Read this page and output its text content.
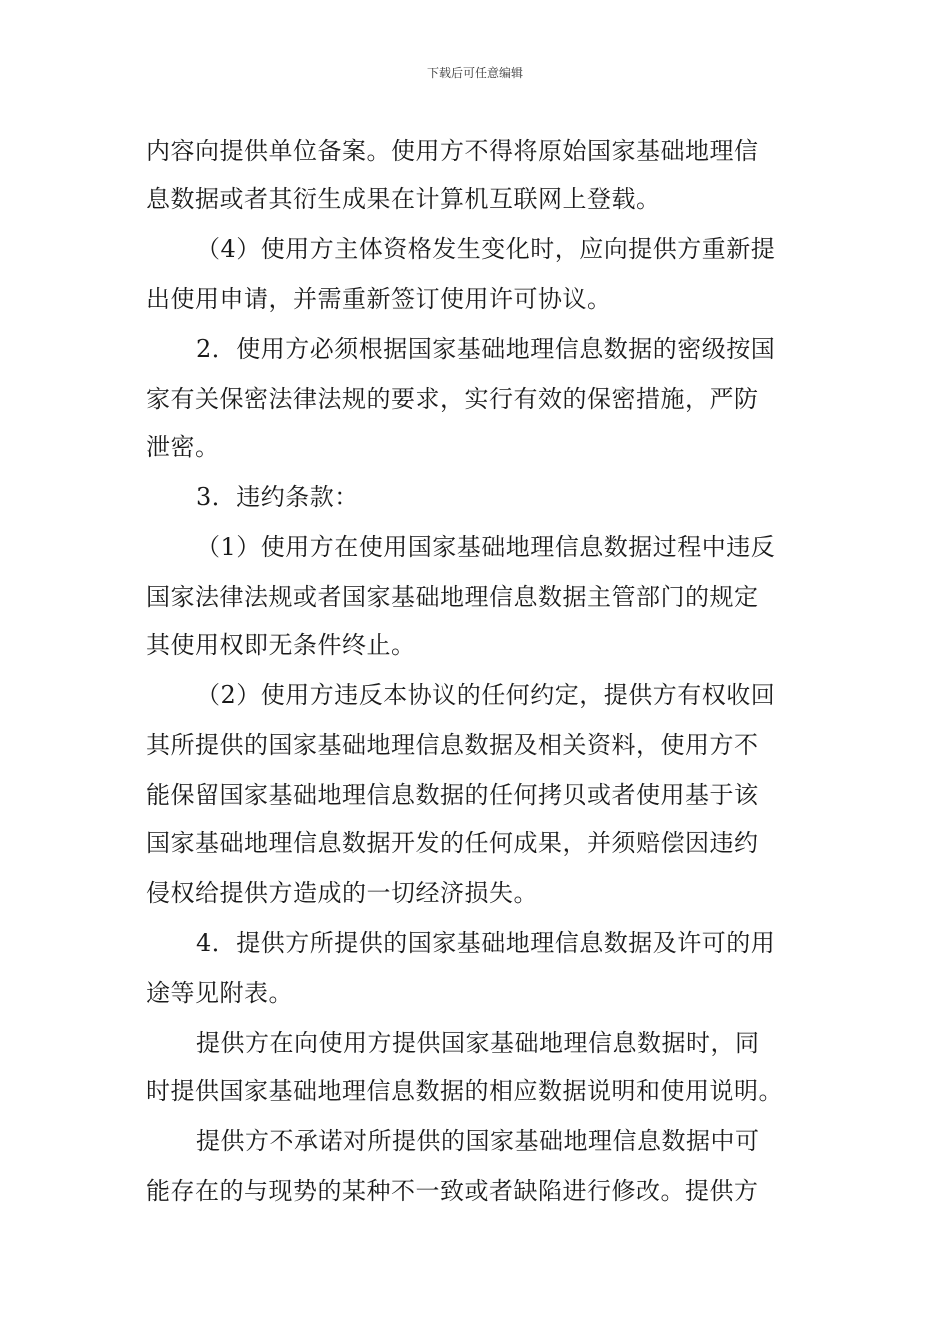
下载后可任意编辑
内容向提供单位备案。使用方不得将原始国家基础地理信
息数据或者其衍生成果在计算机互联网上登载。
（4）使用方主体资格发生变化时，应向提供方重新提
出使用申请，并需重新签订使用许可协议。
2．使用方必须根据国家基础地理信息数据的密级按国
家有关保密法律法规的要求，实行有效的保密措施，严防
泄密。
3．违约条款：
（1）使用方在使用国家基础地理信息数据过程中违反
国家法律法规或者国家基础地理信息数据主管部门的规定
其使用权即无条件终止。
（2）使用方违反本协议的任何约定，提供方有权收回
其所提供的国家基础地理信息数据及相关资料，使用方不
能保留国家基础地理信息数据的任何拷贝或者使用基于该
国家基础地理信息数据开发的任何成果，并须赔偿因违约
侵权给提供方造成的一切经济损失。
4．提供方所提供的国家基础地理信息数据及许可的用
途等见附表。
提供方在向使用方提供国家基础地理信息数据时，同
时提供国家基础地理信息数据的相应数据说明和使用说明。
提供方不承诺对所提供的国家基础地理信息数据中可
能存在的与现势的某种不一致或者缺陷进行修改。提供方
